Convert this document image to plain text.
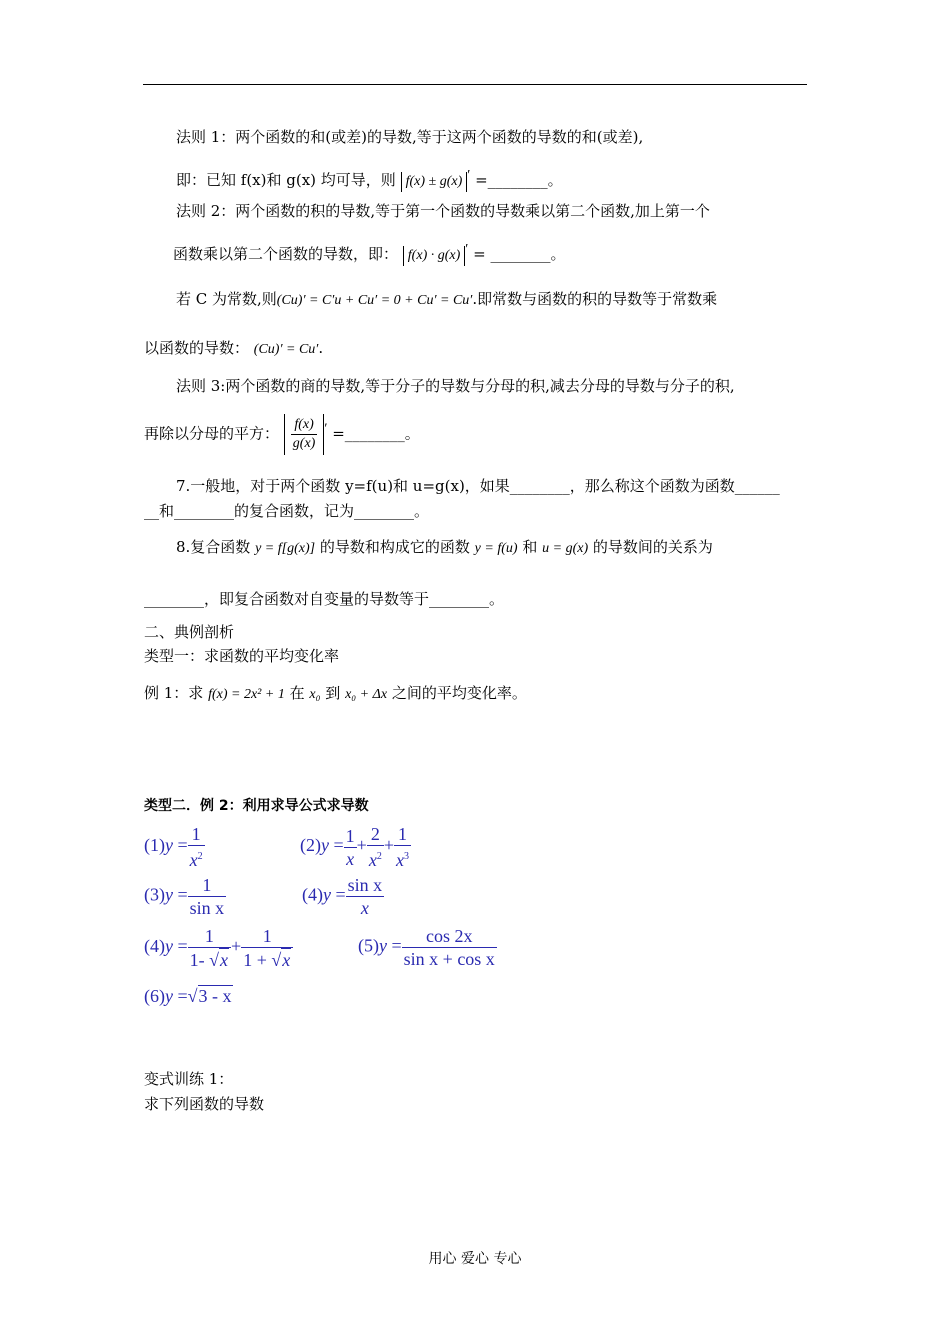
法则 1：两个函数的和(或差)的导数,等于这两个函数的导数的和(或差),
即：已知 f(x)和 g(x) 均可导，则 f(x) ± g(x) ′ =________。
法则 2：两个函数的积的导数,等于第一个函数的导数乘以第二个函数,加上第一个
函数乘以第二个函数的导数，即： f(x) · g(x) ′ = ________。
若 C 为常数,则(Cu)′ = C′u + Cu′ = 0 + Cu′ = Cu′.即常数与函数的积的导数等于常数乘
以函数的导数： (Cu)′ = Cu′.
法则 3:两个函数的商的导数,等于分子的导数与分母的积,减去分母的导数与分子的积,
再除以分母的平方： $\frac{f(x)}{g(x)} '$ =________。
7.一般地，对于两个函数 y=f(u)和 u=g(x)，如果________，那么称这个函数为函数______
__和________的复合函数，记为________。
8.复合函数 y = f[g(x)] 的导数和构成它的函数 y = f(u) 和 u = g(x) 的导数间的关系为
________，即复合函数对自变量的导数等于________。
二、典例剖析
类型一：求函数的平均变化率
例 1：求 f(x) = 2x² + 1 在 x₀ 到 x₀ + Δx 之间的平均变化率。
类型二．例 2：利用求导公式求导数
$(1)y = \frac{1}{x^2}$	$(2)y = \frac{1}{x} + \frac{2}{x^2} + \frac{1}{x^3}$
$(3)y = \frac{1}{\text{sin x}}$	$(4)y = \frac{\text{sin x}}{x}$
$(4)y = \frac{1}{1- √x} + \frac{1}{1 + √x}$	$(5)y = \frac{\cos 2x}{\text{sin x + cos x}}$
(6)y =√3 - x
变式训练 1：
求下列函数的导数
用心 爱心 专心
